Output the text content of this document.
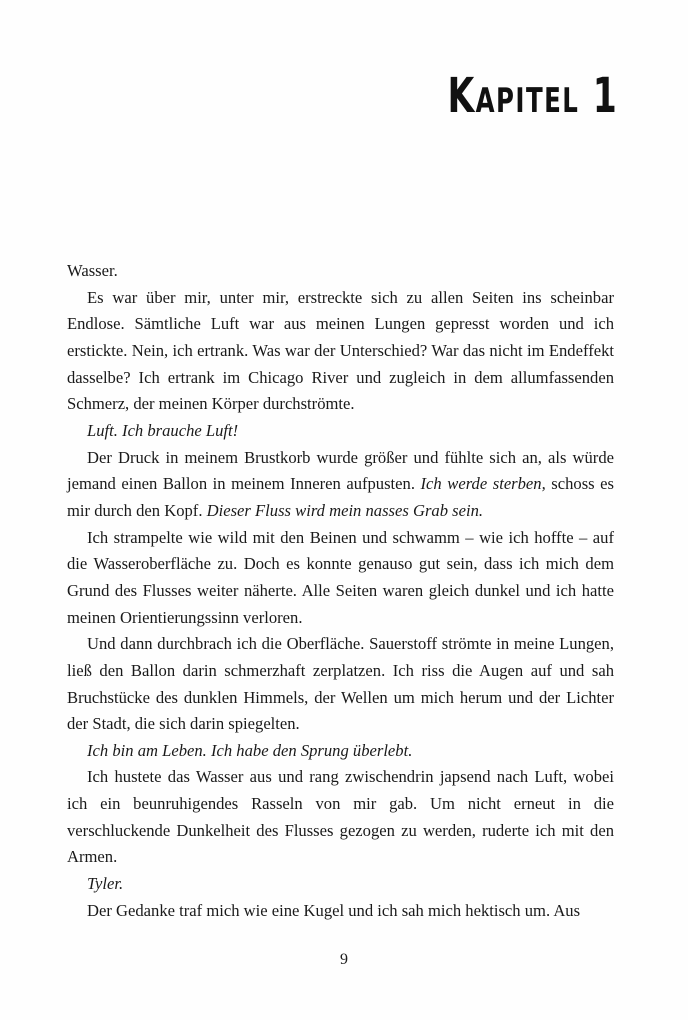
Kapitel 1

Wasser.

Es war über mir, unter mir, erstreckte sich zu allen Seiten ins scheinbar Endlose. Sämtliche Luft war aus meinen Lungen gepresst worden und ich erstickte. Nein, ich ertrank. Was war der Unterschied? War das nicht im Endeffekt dasselbe? Ich ertrank im Chicago River und zugleich in dem allumfassenden Schmerz, der meinen Körper durchströmte.

Luft. Ich brauche Luft!

Der Druck in meinem Brustkorb wurde größer und fühlte sich an, als würde jemand einen Ballon in meinem Inneren aufpusten. Ich werde sterben, schoss es mir durch den Kopf. Dieser Fluss wird mein nasses Grab sein.

Ich strampelte wie wild mit den Beinen und schwamm – wie ich hoffte – auf die Wasseroberfläche zu. Doch es konnte genauso gut sein, dass ich mich dem Grund des Flusses weiter näherte. Alle Seiten waren gleich dunkel und ich hatte meinen Orientierungssinn verloren.

Und dann durchbrach ich die Oberfläche. Sauerstoff strömte in meine Lungen, ließ den Ballon darin schmerzhaft zerplatzen. Ich riss die Augen auf und sah Bruchstücke des dunklen Himmels, der Wellen um mich herum und der Lichter der Stadt, die sich darin spiegelten.

Ich bin am Leben. Ich habe den Sprung überlebt.

Ich hustete das Wasser aus und rang zwischendrin japsend nach Luft, wobei ich ein beunruhigendes Rasseln von mir gab. Um nicht erneut in die verschluckende Dunkelheit des Flusses gezogen zu werden, ruderte ich mit den Armen.

Tyler.

Der Gedanke traf mich wie eine Kugel und ich sah mich hektisch um. Aus

9
